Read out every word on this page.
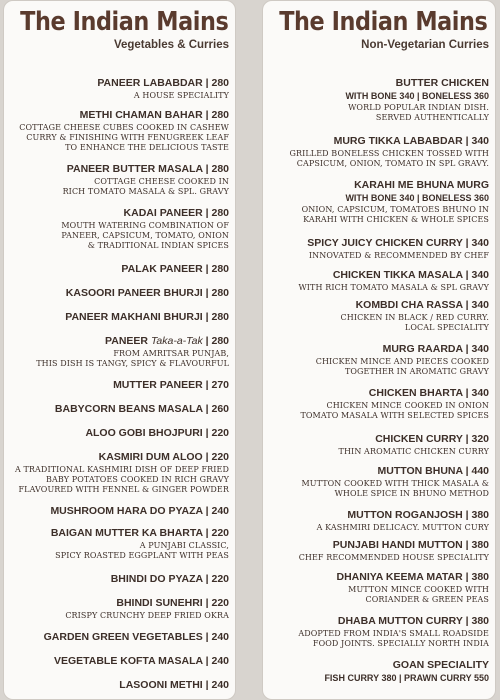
The Indian Mains
Vegetables & Curries
PANEER LABABDAR | 280
A HOUSE SPECIALITY
METHI CHAMAN BAHAR | 280
COTTAGE CHEESE CUBES COOKED IN CASHEW
CURRY & FINISHING WITH FENUGREEK LEAF
TO ENHANCE THE DELICIOUS TASTE
PANEER BUTTER MASALA | 280
COTTAGE CHEESE COOKED IN
RICH TOMATO MASALA & SPL. GRAVY
KADAI PANEER | 280
MOUTH WATERING COMBINATION OF
PANEER, CAPSICUM, TOMATO, ONION
& TRADITIONAL INDIAN SPICES
PALAK PANEER | 280
KASOORI PANEER BHURJI | 280
PANEER MAKHANI BHURJI | 280
PANEER Taka-a-Tak | 280
FROM AMRITSAR PUNJAB,
THIS DISH IS TANGY, SPICY & FLAVOURFUL
MUTTER PANEER | 270
BABYCORN BEANS MASALA | 260
ALOO GOBI BHOJPURI | 220
KASMIRI DUM ALOO | 220
A TRADITIONAL KASHMIRI DISH OF DEEP FRIED
BABY POTATOES COOKED IN RICH GRAVY
FLAVOURED WITH FENNEL & GINGER POWDER
MUSHROOM HARA DO PYAZA | 240
BAIGAN MUTTER KA BHARTA | 220
A PUNJABI CLASSIC,
SPICY ROASTED EGGPLANT WITH PEAS
BHINDI DO PYAZA | 220
BHINDI SUNEHRI | 220
CRISPY CRUNCHY DEEP FRIED OKRA
GARDEN GREEN VEGETABLES | 240
VEGETABLE KOFTA MASALA | 240
LASOONI METHI | 240
The Indian Mains
Non-Vegetarian Curries
BUTTER CHICKEN
WITH BONE 340 | BONELESS 360
WORLD POPULAR INDIAN DISH.
SERVED AUTHENTICALLY
MURG TIKKA LABABDAR | 340
GRILLED BONELESS CHICKEN TOSSED WITH
CAPSICUM, ONION, TOMATO IN SPL GRAVY.
KARAHI ME BHUNA MURG
WITH BONE 340 | BONELESS 360
ONION, CAPSICUM, TOMATOES BHUNO IN
KARAHI WITH CHICKEN & WHOLE SPICES
SPICY JUICY CHICKEN CURRY | 340
INNOVATED & RECOMMENDED BY CHEF
CHICKEN TIKKA MASALA | 340
WITH RICH TOMATO MASALA & SPL GRAVY
KOMBDI CHA RASSA | 340
CHICKEN IN BLACK / RED CURRY.
LOCAL SPECIALITY
MURG RAARDA | 340
CHICKEN MINCE AND PIECES COOKED
TOGETHER IN AROMATIC GRAVY
CHICKEN BHARTA | 340
CHICKEN MINCE COOKED IN ONION
TOMATO MASALA WITH SELECTED SPICES
CHICKEN CURRY | 320
THIN AROMATIC CHICKEN CURRY
MUTTON BHUNA | 440
MUTTON COOKED WITH THICK MASALA &
WHOLE SPICE IN BHUNO METHOD
MUTTON ROGANJOSH | 380
A KASHMIRI DELICACY. MUTTON CURY
PUNJABI HANDI MUTTON | 380
CHEF RECOMMENDED HOUSE SPECIALITY
DHANIYA KEEMA MATAR | 380
MUTTON MINCE COOKED WITH
CORIANDER & GREEN PEAS
DHABA MUTTON CURRY | 380
ADOPTED FROM INDIA'S SMALL ROADSIDE
FOOD JOINTS. SPECIALLY NORTH INDIA
GOAN SPECIALITY
FISH CURRY 380 | PRAWN CURRY 550
